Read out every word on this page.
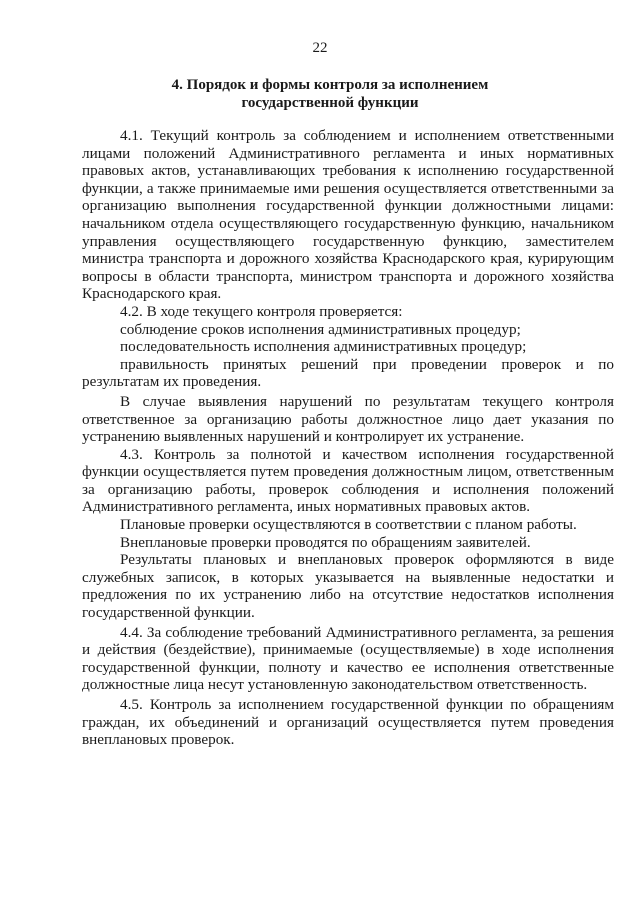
22
4. Порядок и формы контроля за исполнением государственной функции

4.1. Текущий контроль за соблюдением и исполнением ответственными лицами положений Административного регламента и иных нормативных правовых актов, устанавливающих требования к исполнению государственной функции, а также принимаемые ими решения осуществляется ответственными за организацию выполнения государственной функции должностными лицами: начальником отдела осуществляющего государственную функцию, начальником управления осуществляющего государственную функцию, заместителем министра транспорта и дорожного хозяйства Краснодарского края, курирующим вопросы в области транспорта, министром транспорта и дорожного хозяйства Краснодарского края.

4.2. В ходе текущего контроля проверяется:

соблюдение сроков исполнения административных процедур;

последовательность исполнения административных процедур;

правильность принятых решений при проведении проверок и по результатам их проведения.

В случае выявления нарушений по результатам текущего контроля ответственное за организацию работы должностное лицо дает указания по устранению выявленных нарушений и контролирует их устранение.

4.3. Контроль за полнотой и качеством исполнения государственной функции осуществляется путем проведения должностным лицом, ответственным за организацию работы, проверок соблюдения и исполнения положений Административного регламента, иных нормативных правовых актов.

Плановые проверки осуществляются в соответствии с планом работы.

Внеплановые проверки проводятся по обращениям заявителей.

Результаты плановых и внеплановых проверок оформляются в виде служебных записок, в которых указывается на выявленные недостатки и предложения по их устранению либо на отсутствие недостатков исполнения государственной функции.

4.4. За соблюдение требований Административного регламента, за решения и действия (бездействие), принимаемые (осуществляемые) в ходе исполнения государственной функции, полноту и качество ее исполнения ответственные должностные лица несут установленную законодательством ответственность.

4.5. Контроль за исполнением государственной функции по обращениям граждан, их объединений и организаций осуществляется путем проведения внеплановых проверок.
